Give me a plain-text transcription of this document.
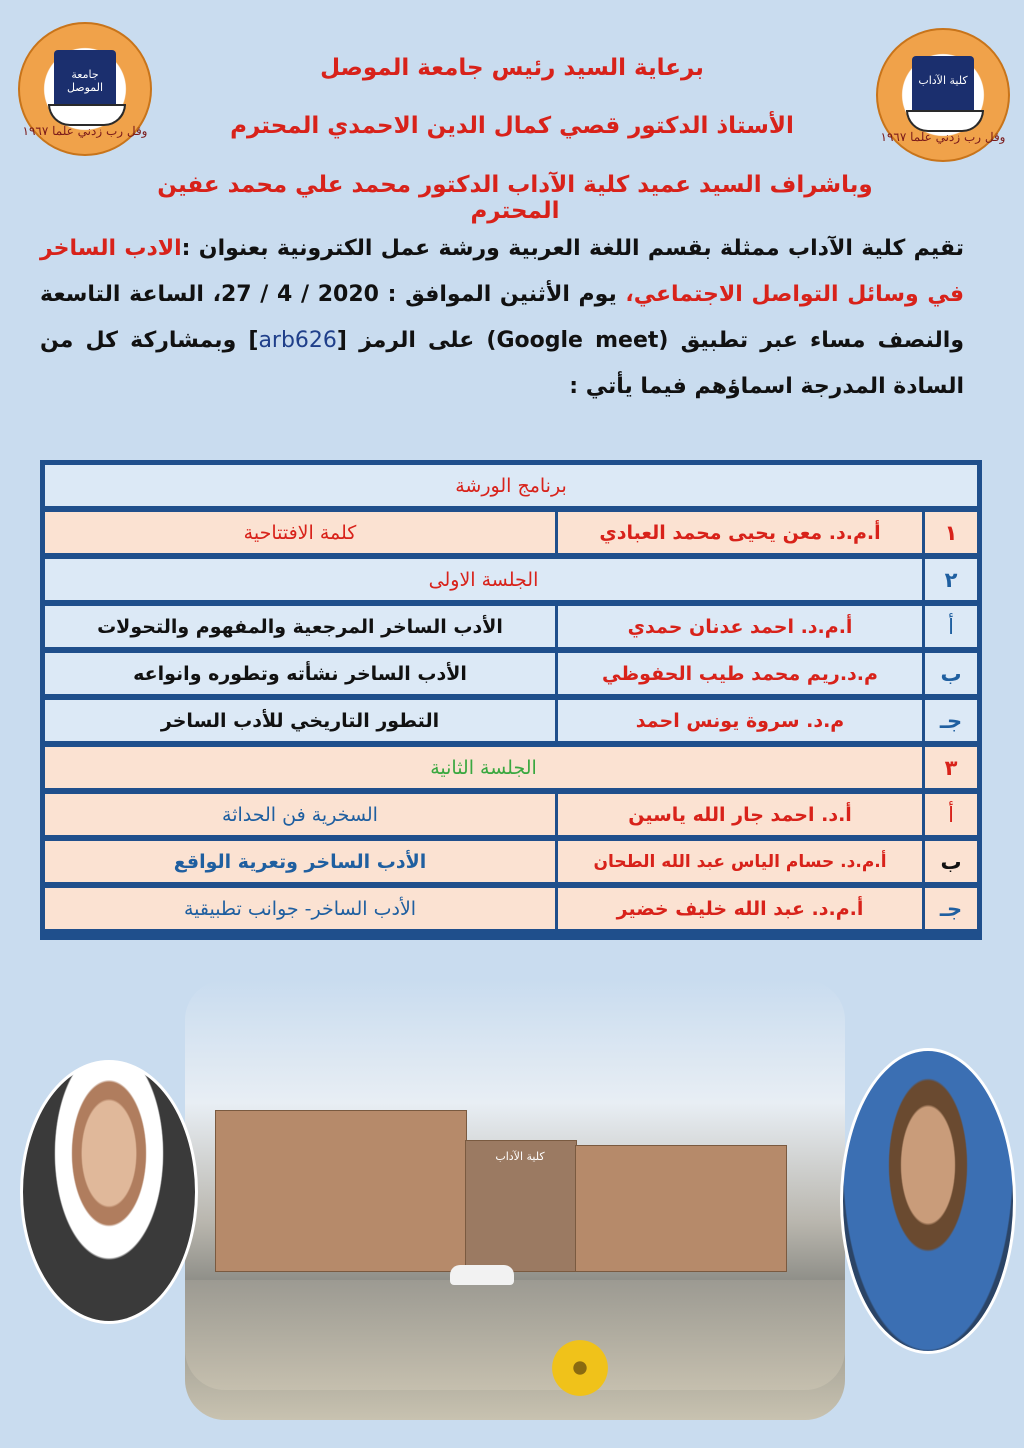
جامعة الموصل
وقل رب زدني علما ١٩٦٧
كلية الآداب
وقل رب زدني علما ١٩٦٧
برعاية السيد رئيس جامعة الموصل
الأستاذ الدكتور قصي كمال الدين الاحمدي المحترم
وباشراف السيد عميد كلية الآداب الدكتور محمد علي محمد عفين المحترم
تقيم كلية الآداب ممثلة بقسم اللغة العربية ورشة عمل الكترونية بعنوان :الادب الساخر في وسائل التواصل الاجتماعي، يوم الأثنين الموافق : 2020 / 4 / 27، الساعة التاسعة والنصف مساء عبر تطبيق (Google meet) على الرمز [arb626] وبمشاركة كل من السادة المدرجة اسماؤهم فيما يأتي :
برنامج الورشة
١
أ.م.د. معن يحيى محمد العبادي
كلمة الافتتاحية
٢
الجلسة الاولى
أ
أ.م.د. احمد عدنان حمدي
الأدب الساخر المرجعية والمفهوم والتحولات
ب
م.د.ريم محمد طيب الحفوظي
الأدب الساخر نشأته وتطوره وانواعه
جـ
م.د. سروة يونس احمد
التطور التاريخي للأدب الساخر
٣
الجلسة الثانية
أ
أ.د. احمد جار الله ياسين
السخرية فن الحداثة
ب
أ.م.د. حسام الياس عبد الله الطحان
الأدب الساخر وتعرية الواقع
جـ
أ.م.د. عبد الله خليف خضير
الأدب الساخر- جوانب تطبيقية
كلية الآداب
